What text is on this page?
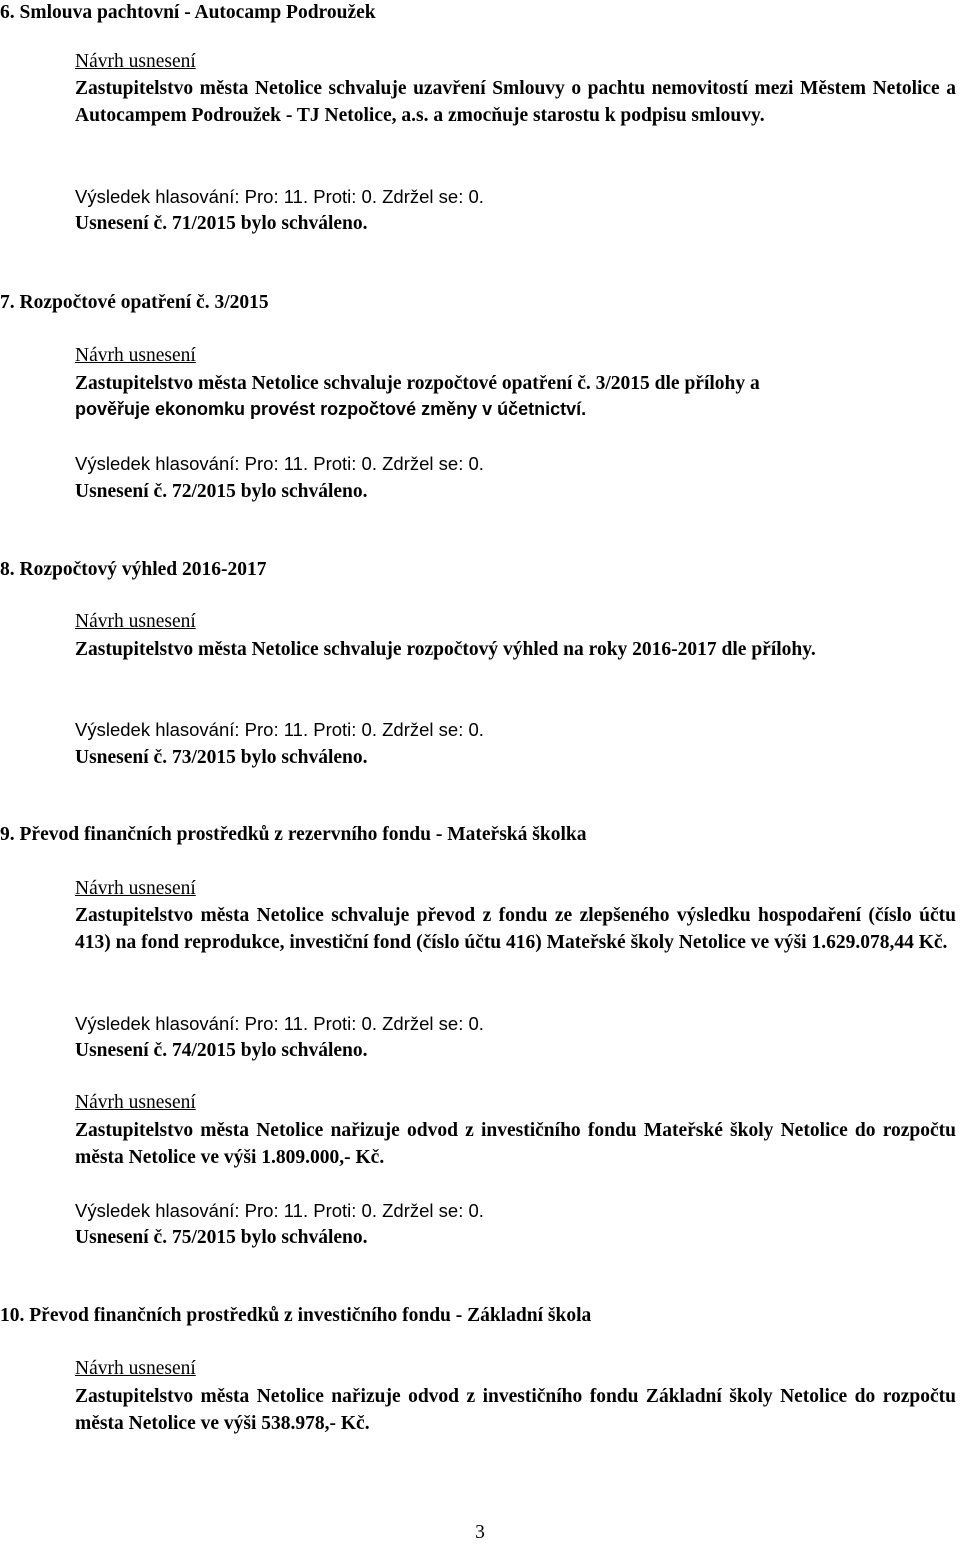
6. Smlouva pachtovní - Autocamp Podroužek
Návrh usnesení
Zastupitelstvo města Netolice schvaluje uzavření Smlouvy o pachtu nemovitostí mezi Městem Netolice a Autocampem Podroužek - TJ Netolice, a.s. a zmocňuje starostu k podpisu smlouvy.
Výsledek hlasování: Pro: 11. Proti: 0. Zdržel se: 0.
Usnesení č. 71/2015 bylo schváleno.
7. Rozpočtové opatření č. 3/2015
Návrh usnesení
Zastupitelstvo města Netolice schvaluje rozpočtové opatření č. 3/2015 dle přílohy a
pověřuje ekonomku provést rozpočtové změny v účetnictví.
Výsledek hlasování: Pro: 11. Proti: 0. Zdržel se: 0.
Usnesení č. 72/2015 bylo schváleno.
8. Rozpočtový výhled 2016-2017
Návrh usnesení
Zastupitelstvo města Netolice schvaluje rozpočtový výhled na roky 2016-2017 dle přílohy.
Výsledek hlasování: Pro: 11. Proti: 0. Zdržel se: 0.
Usnesení č. 73/2015 bylo schváleno.
9. Převod finančních prostředků z rezervního fondu - Mateřská školka
Návrh usnesení
Zastupitelstvo města Netolice schvaluje převod z fondu ze zlepšeného výsledku hospodaření (číslo účtu 413) na fond reprodukce, investiční fond (číslo účtu 416) Mateřské školy Netolice ve výši 1.629.078,44 Kč.
Výsledek hlasování: Pro: 11. Proti: 0. Zdržel se: 0.
Usnesení č. 74/2015 bylo schváleno.
Návrh usnesení
Zastupitelstvo města Netolice nařizuje odvod z investičního fondu Mateřské školy Netolice do rozpočtu města Netolice ve výši 1.809.000,- Kč.
Výsledek hlasování: Pro: 11. Proti: 0. Zdržel se: 0.
Usnesení č. 75/2015 bylo schváleno.
10. Převod finančních prostředků z investičního fondu - Základní škola
Návrh usnesení
Zastupitelstvo města Netolice nařizuje odvod z investičního fondu Základní školy Netolice do rozpočtu města Netolice ve výši 538.978,- Kč.
3
